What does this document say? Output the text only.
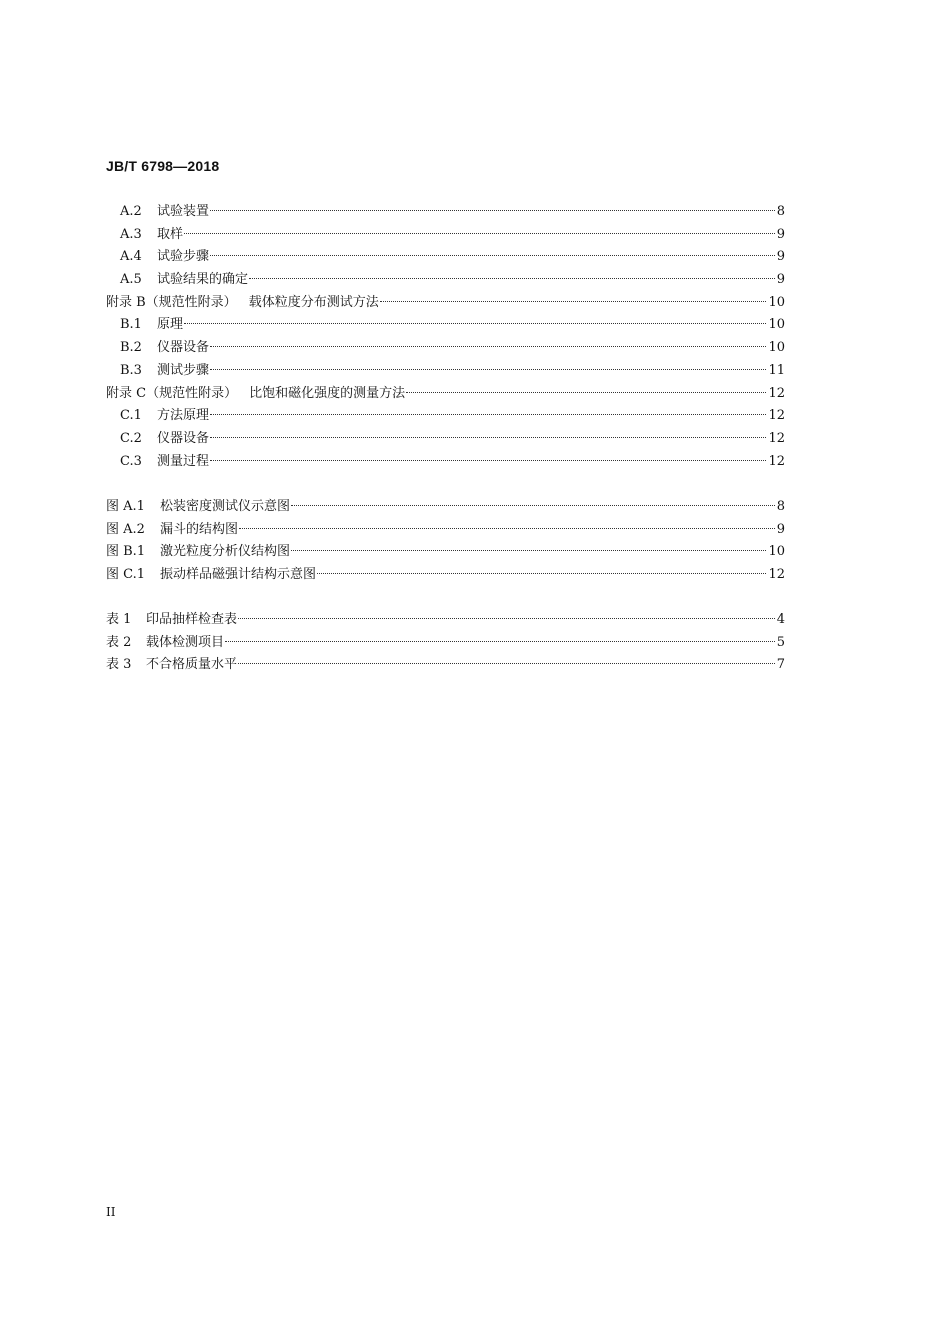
JB/T 6798—2018
A.2	试验装置	8
A.3	取样	9
A.4	试验步骤	9
A.5	试验结果的确定	9
附录 B（规范性附录） 载体粒度分布测试方法	10
B.1	原理	10
B.2	仪器设备	10
B.3	测试步骤	11
附录 C（规范性附录） 比饱和磁化强度的测量方法	12
C.1	方法原理	12
C.2	仪器设备	12
C.3	测量过程	12
图 A.1	松装密度测试仪示意图	8
图 A.2	漏斗的结构图	9
图 B.1	激光粒度分析仪结构图	10
图 C.1	振动样品磁强计结构示意图	12
表 1	印品抽样检查表	4
表 2	载体检测项目	5
表 3	不合格质量水平	7
II
